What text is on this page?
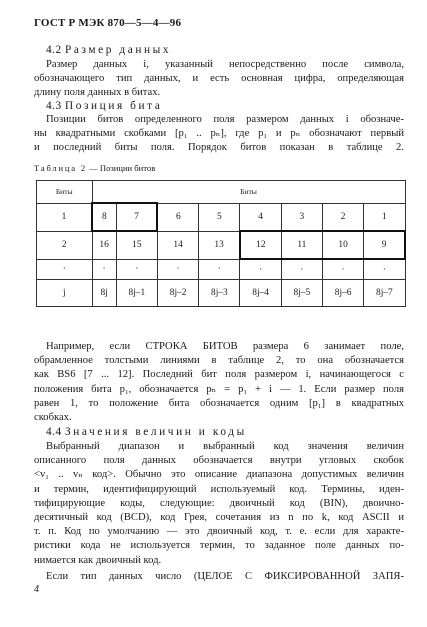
ГОСТ Р МЭК 870—5—4—96
4.2 Размер данных
Размер данных i, указанный непосредственно после символа,
обозначающего тип данных, и есть основная цифра, определяющая
длину поля данных в битах.
4.3 Позиция бита
Позиции битов определенного поля размером данных i обозначе-
ны квадратными скобками [p₁ .. pₙ], где p₁ и pₙ обозначают первый
и последний биты поля. Порядок битов показан в таблице 2.
Таблица 2 — Позиции битов
Биты	Биты							
1	8	7	6	5	4	3	2	1
2	16	15	14	13	12	11	10	9
·	·	·	·	·	·	·	·	·
j	8j	8j–1	8j–2	8j–3	8j–4	8j–5	8j–6	8j–7
Например, если СТРОКА БИТОВ размера 6 занимает поле,
обрамленное толстыми линиями в таблице 2, то она обозначается
как BS6 [7 ... 12]. Последний бит поля размером i, начинающегося с
положения бита p₁, обозначается pₙ = p₁ + i — 1. Если размер поля
равен 1, то положение бита обозначается одним [p₁] в квадратных
скобках.
4.4 Значения величин и коды
Выбранный диапазон и выбранный код значения величин
описанного поля данных обозначается внутри угловых скобок
<v₁ .. vₙ код>. Обычно это описание диапазона допустимых величин
и термин, идентифицирующий используемый код. Термины, иден-
тифицирующие коды, следующие: двоичный код (BIN), двоично-
десятичный код (BCD), код Грея, сочетания из n по k, код ASCII и
т. п. Код по умолчанию — это двоичный код, т. е. если для характе-
ристики кода не используется термин, то заданное поле данных по-
нимается как двоичный код.
Если тип данных число (ЦЕЛОЕ С ФИКСИРОВАННОЙ ЗАПЯ-
4
